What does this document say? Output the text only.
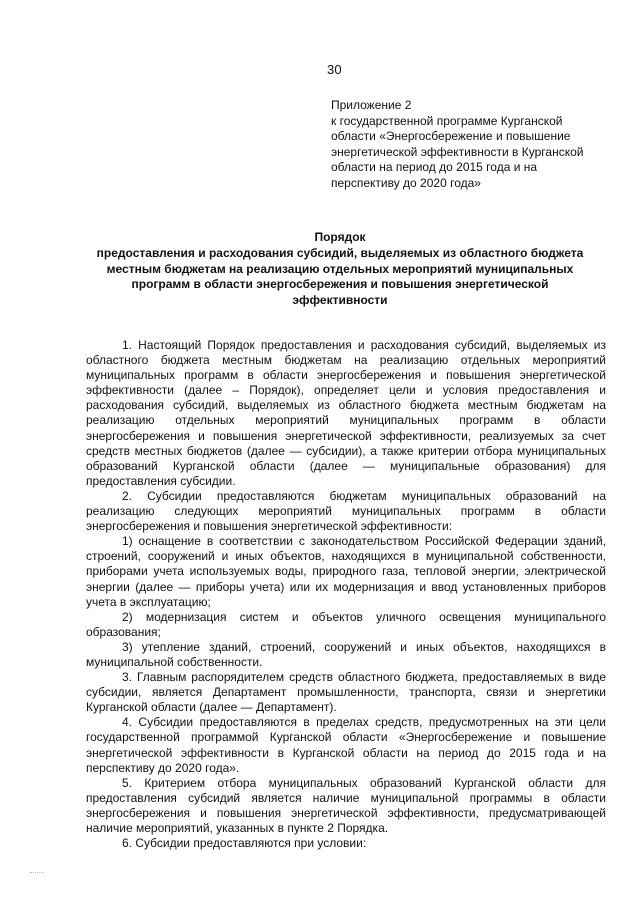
30
Приложение 2
к государственной программе Курганской
области «Энергосбережение и повышение
энергетической эффективности в Курганской
области на период до 2015 года и на
перспективу до 2020 года»
Порядок
предоставления и расходования субсидий, выделяемых из областного бюджета
местным бюджетам на реализацию отдельных мероприятий муниципальных
программ в области энергосбережения и повышения энергетической
эффективности

1. Настоящий Порядок предоставления и расходования субсидий, выделяемых из областного бюджета местным бюджетам на реализацию отдельных мероприятий муниципальных программ в области энергосбережения и повышения энергетической эффективности (далее – Порядок), определяет цели и условия предоставления и расходования субсидий, выделяемых из областного бюджета местным бюджетам на реализацию отдельных мероприятий муниципальных программ в области энергосбережения и повышения энергетической эффективности, реализуемых за счет средств местных бюджетов (далее — субсидии), а также критерии отбора муниципальных образований Курганской области (далее — муниципальные образования) для предоставления субсидии.

2. Субсидии предоставляются бюджетам муниципальных образований на реализацию следующих мероприятий муниципальных программ в области энергосбережения и повышения энергетической эффективности:

1) оснащение в соответствии с законодательством Российской Федерации зданий, строений, сооружений и иных объектов, находящихся в муниципальной собственности, приборами учета используемых воды, природного газа, тепловой энергии, электрической энергии (далее — приборы учета) или их модернизация и ввод установленных приборов учета в эксплуатацию;

2) модернизация систем и объектов уличного освещения муниципального образования;

3) утепление зданий, строений, сооружений и иных объектов, находящихся в муниципальной собственности.

3. Главным распорядителем средств областного бюджета, предоставляемых в виде субсидии, является Департамент промышленности, транспорта, связи и энергетики Курганской области (далее — Департамент).

4. Субсидии предоставляются в пределах средств, предусмотренных на эти цели государственной программой Курганской области «Энергосбережение и повышение энергетической эффективности в Курганской области на период до 2015 года и на перспективу до 2020 года».

5. Критерием отбора муниципальных образований Курганской области для предоставления субсидий является наличие муниципальной программы в области энергосбережения и повышения энергетической эффективности, предусматривающей наличие мероприятий, указанных в пункте 2 Порядка.

6. Субсидии предоставляются при условии:
